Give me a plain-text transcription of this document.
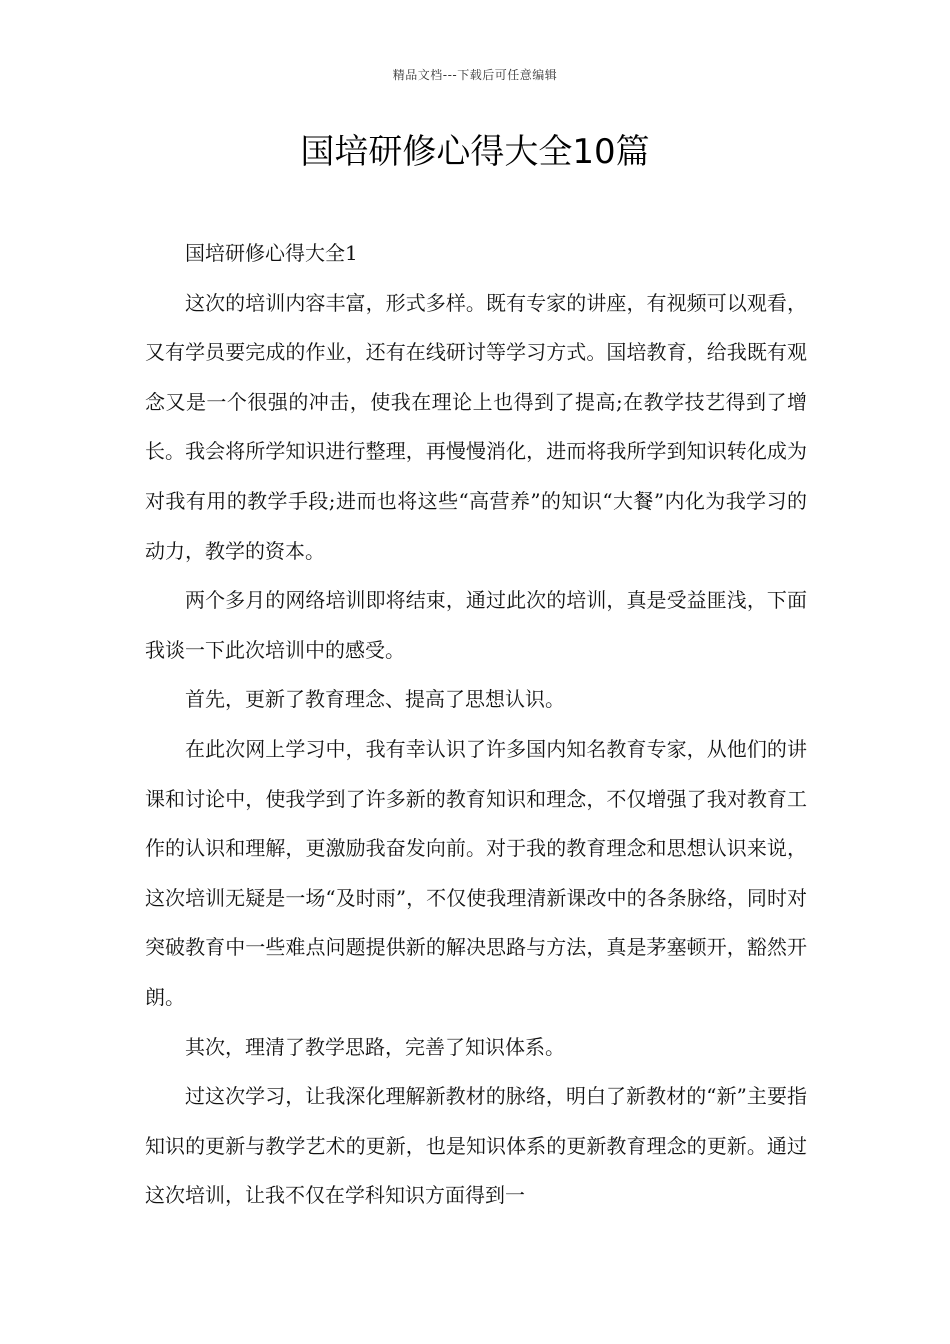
精品文档---下载后可任意编辑
国培研修心得大全10篇

国培研修心得大全1

这次的培训内容丰富，形式多样。既有专家的讲座，有视频可以观看，又有学员要完成的作业，还有在线研讨等学习方式。国培教育，给我既有观念又是一个很强的冲击，使我在理论上也得到了提高;在教学技艺得到了增长。我会将所学知识进行整理，再慢慢消化，进而将我所学到知识转化成为对我有用的教学手段;进而也将这些“高营养”的知识“大餐”内化为我学习的动力，教学的资本。

两个多月的网络培训即将结束，通过此次的培训，真是受益匪浅，下面我谈一下此次培训中的感受。

首先，更新了教育理念、提高了思想认识。

在此次网上学习中，我有幸认识了许多国内知名教育专家，从他们的讲课和讨论中，使我学到了许多新的教育知识和理念，不仅增强了我对教育工作的认识和理解，更激励我奋发向前。对于我的教育理念和思想认识来说，这次培训无疑是一场“及时雨”，不仅使我理清新课改中的各条脉络，同时对突破教育中一些难点问题提供新的解决思路与方法，真是茅塞顿开，豁然开朗。

其次，理清了教学思路，完善了知识体系。

过这次学习，让我深化理解新教材的脉络，明白了新教材的“新”主要指知识的更新与教学艺术的更新，也是知识体系的更新教育理念的更新。通过这次培训，让我不仅在学科知识方面得到一
